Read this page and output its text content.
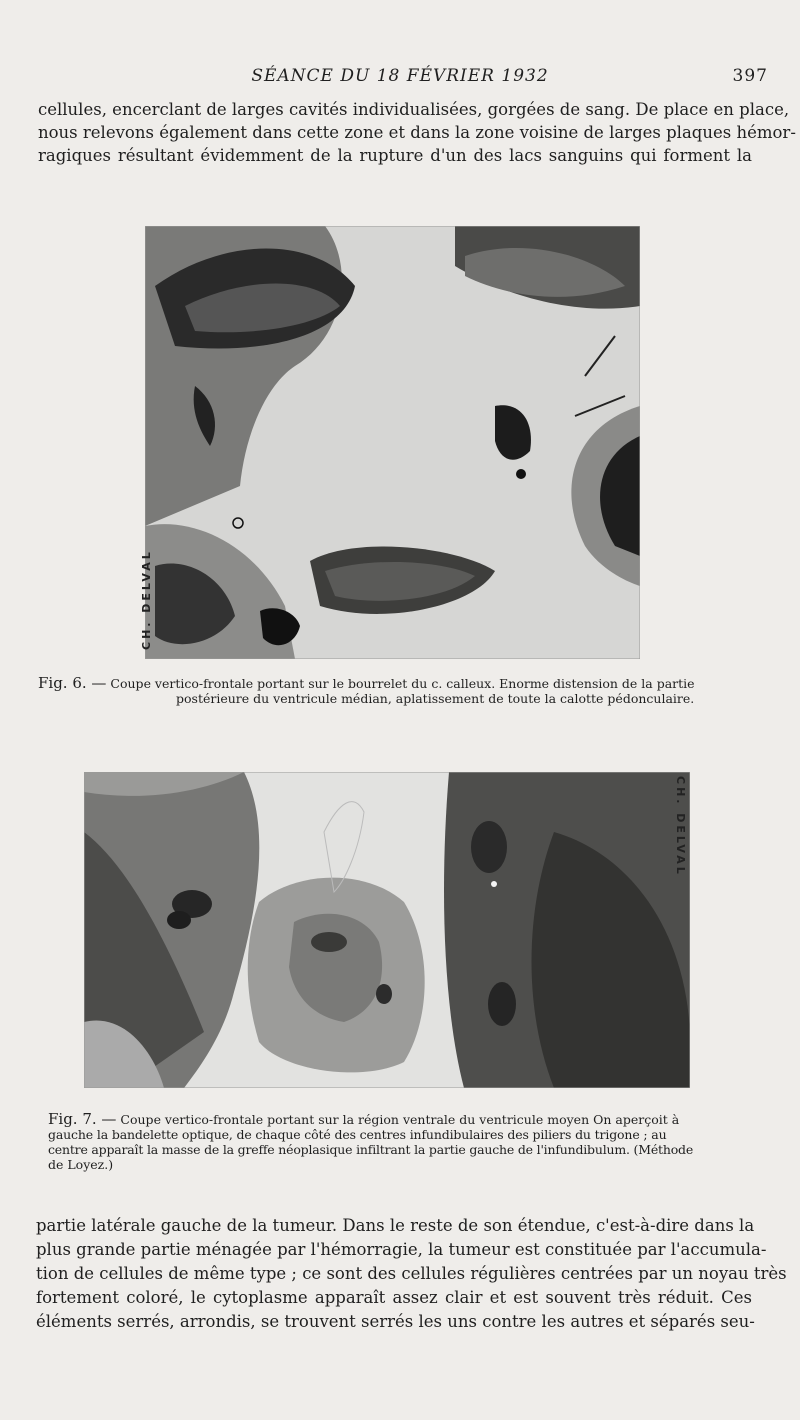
SÉANCE DU 18 FÉVRIER 1932	397
cellules, encerclant de larges cavités individualisées, gorgées de sang. De place en place,
nous relevons également dans cette zone et dans la zone voisine de larges plaques hémor-
ragiques résultant évidemment de la rupture d'un des lacs sanguins qui forment la
CH. DELVAL
Fig. 6. — Coupe vertico-frontale portant sur le bourrelet du c. calleux. Enorme distension de la partie
postérieure du ventricule médian, aplatissement de toute la calotte pédonculaire.
CH. DELVAL
Fig. 7. — Coupe vertico-frontale portant sur la région ventrale du ventricule moyen On aperçoit à
gauche la bandelette optique, de chaque côté des centres infundibulaires des piliers du trigone ; au
centre apparaît la masse de la greffe néoplasique infiltrant la partie gauche de l'infundibulum. (Méthode
de Loyez.)
partie latérale gauche de la tumeur. Dans le reste de son étendue, c'est-à-dire dans la
plus grande partie ménagée par l'hémorragie, la tumeur est constituée par l'accumula-
tion de cellules de même type ; ce sont des cellules régulières centrées par un noyau très
fortement coloré, le cytoplasme apparaît assez clair et est souvent très réduit. Ces
éléments serrés, arrondis, se trouvent serrés les uns contre les autres et séparés seu-
